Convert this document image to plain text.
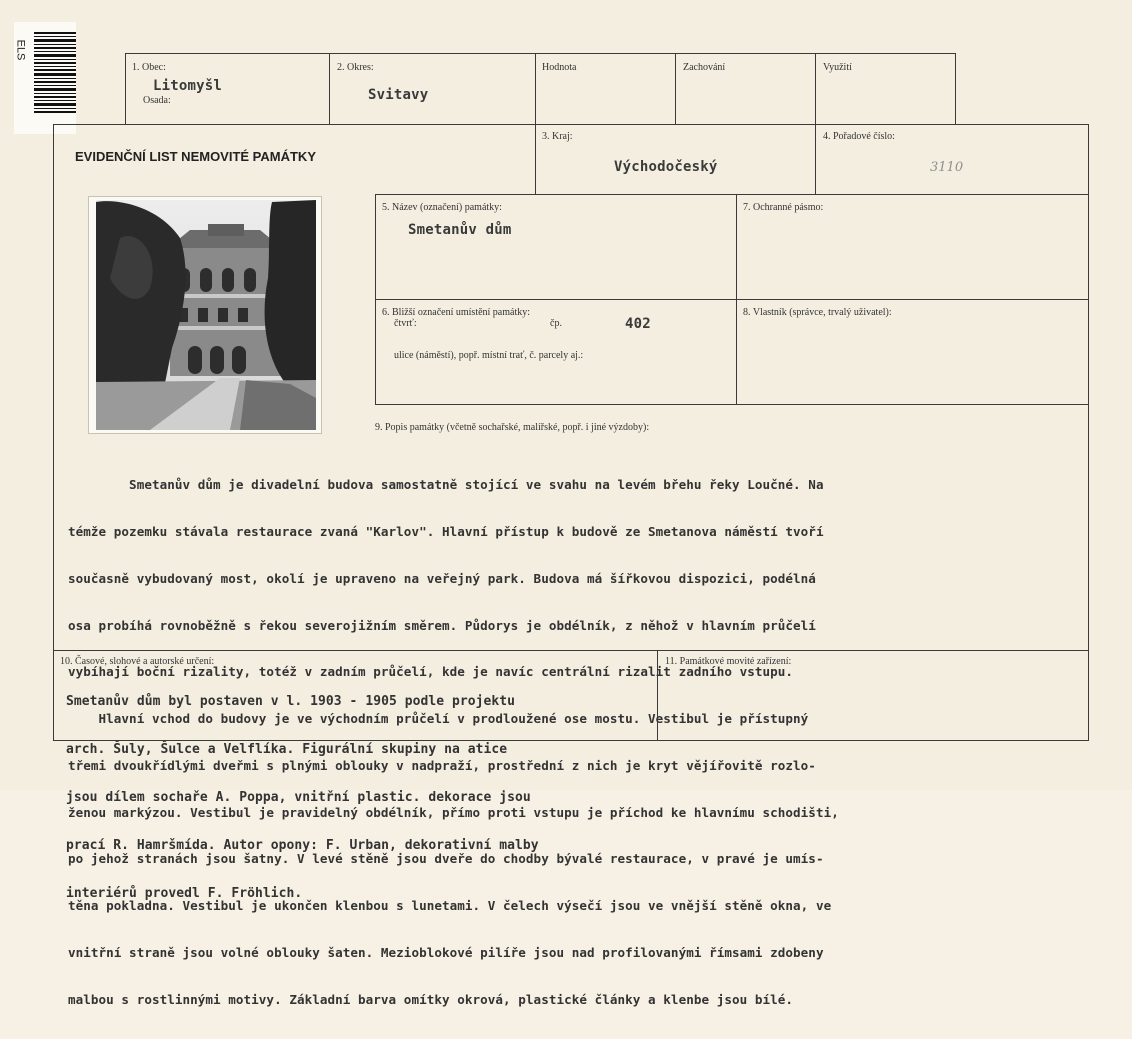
ELS
1. Obec:
Litomyšl
Osada:
2. Okres:
Svitavy
Hodnota	Zachování	Využití
EVIDENČNÍ LIST NEMOVITÉ PAMÁTKY
3. Kraj:
Východočeský
4. Pořadové číslo:
3110
5. Název (označení) památky:
Smetanův dům
7. Ochranné pásmo:
6. Bližší označení umístění památky:
čtvrť:	čp.	402
ulice (náměstí), popř. místní trať, č. parcely aj.:
8. Vlastník (správce, trvalý uživatel):
9. Popis památky (včetně sochařské, malířské, popř. i jiné výzdoby):

Smetanův dům je divadelní budova samostatně stojící ve svahu na levém břehu řeky Loučné. Na

témže pozemku stávala restaurace zvaná "Karlov". Hlavní přístup k budově ze Smetanova náměstí tvoří

současně vybudovaný most, okolí je upraveno na veřejný park. Budova má šířkovou dispozici, podélná

osa probíhá rovnoběžně s řekou severojižním směrem. Půdorys je obdélník, z něhož v hlavním průčelí

vybíhají boční rizality, totéž v zadním průčelí, kde je navíc centrální rizalit zadního vstupu.

Hlavní vchod do budovy je ve východním průčelí v prodloužené ose mostu. Vestibul je přístupný

třemi dvoukřídlými dveřmi s plnými oblouky v nadpraží, prostřední z nich je kryt vějířovitě rozlo-

ženou markýzou. Vestibul je pravidelný obdélník, přímo proti vstupu je příchod ke hlavnímu schodišti,

po jehož stranách jsou šatny. V levé stěně jsou dveře do chodby bývalé restaurace, v pravé je umís-

těna pokladna. Vestibul je ukončen klenbou s lunetami. V čelech výsečí jsou ve vnější stěně okna, ve

vnitřní straně jsou volné oblouky šaten. Mezioblokové pilíře jsou nad profilovanými římsami zdobeny

malbou s rostlinnými motivy. Základní barva omítky okrová, plastické články a klenbe jsou bílé.

10. Časové, slohové a autorské určení:

Smetanův dům byl postaven v l. 1903 - 1905 podle projektu

arch. Šuly, Šulce a Velflíka. Figurální skupiny na atice

jsou dílem sochaře A. Poppa, vnitřní plastic. dekorace jsou

prací R. Hamršmída. Autor opony: F. Urban, dekorativní malby

interiérů provedl F. Fröhlich.

11. Památkové movité zařízení:
